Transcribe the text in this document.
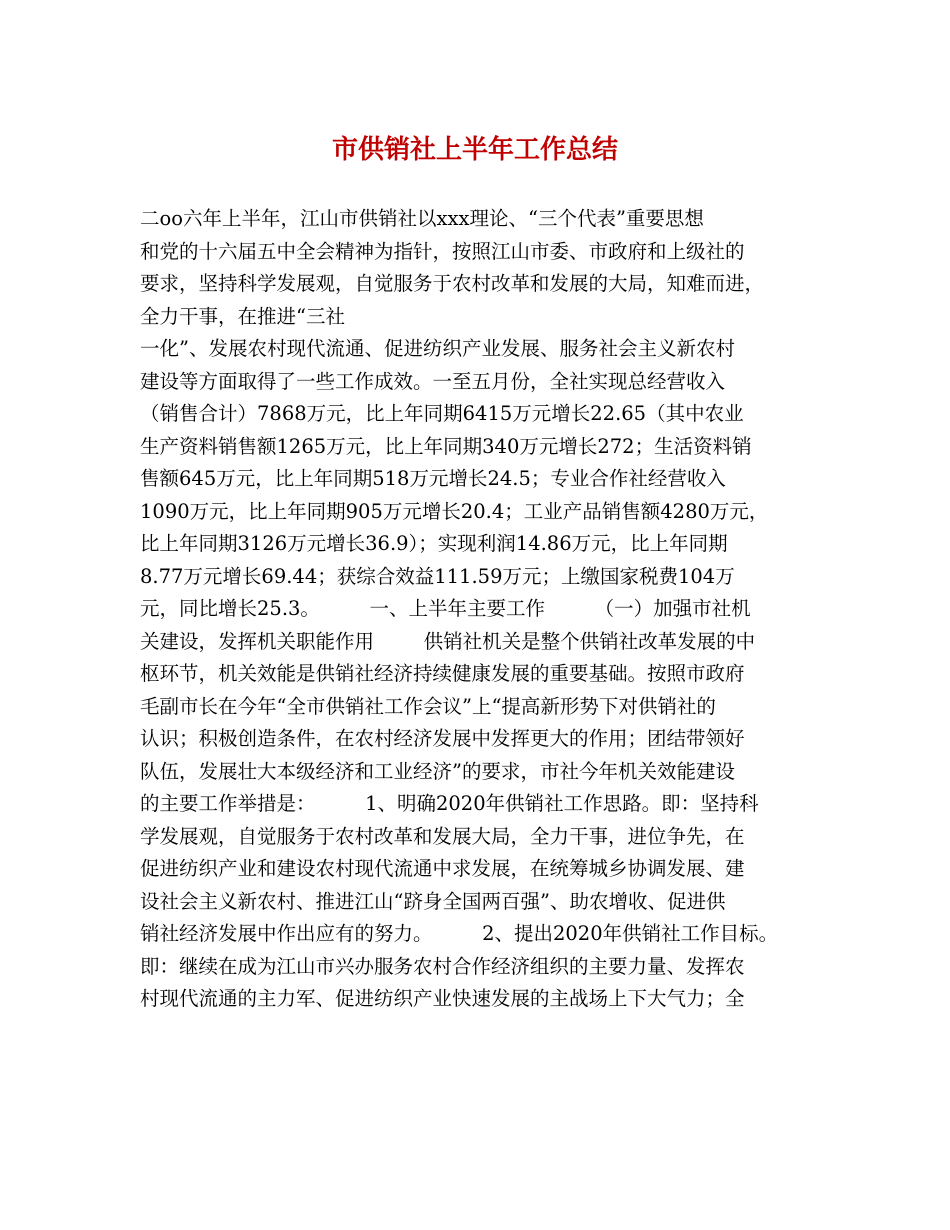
市供销社上半年工作总结
二oo六年上半年，江山市供销社以xxx理论、“三个代表”重要思想
和党的十六届五中全会精神为指针，按照江山市委、市政府和上级社的
要求，坚持科学发展观，自觉服务于农村改革和发展的大局，知难而进，
全力干事，在推进“三社
一化”、发展农村现代流通、促进纺织产业发展、服务社会主义新农村
建设等方面取得了一些工作成效。一至五月份，全社实现总经营收入
（销售合计）7868万元，比上年同期6415万元增长22.65（其中农业
生产资料销售额1265万元，比上年同期340万元增长272；生活资料销
售额645万元，比上年同期518万元增长24.5；专业合作社经营收入
1090万元，比上年同期905万元增长20.4；工业产品销售额4280万元，
比上年同期3126万元增长36.9）；实现利润14.86万元，比上年同期
8.77万元增长69.44；获综合效益111.59万元；上缴国家税费104万
元，同比增长25.3。        一、上半年主要工作        （一）加强市社机
关建设，发挥机关职能作用        供销社机关是整个供销社改革发展的中
枢环节，机关效能是供销社经济持续健康发展的重要基础。按照市政府
毛副市长在今年“全市供销社工作会议”上“提高新形势下对供销社的
认识；积极创造条件，在农村经济发展中发挥更大的作用；团结带领好
队伍，发展壮大本级经济和工业经济”的要求，市社今年机关效能建设
的主要工作举措是：        1、明确2020年供销社工作思路。即：坚持科
学发展观，自觉服务于农村改革和发展大局，全力干事，进位争先，在
促进纺织产业和建设农村现代流通中求发展，在统筹城乡协调发展、建
设社会主义新农村、推进江山“跻身全国两百强”、助农增收、促进供
销社经济发展中作出应有的努力。        2、提出2020年供销社工作目标。
即：继续在成为江山市兴办服务农村合作经济组织的主要力量、发挥农
村现代流通的主力军、促进纺织产业快速发展的主战场上下大气力；全
